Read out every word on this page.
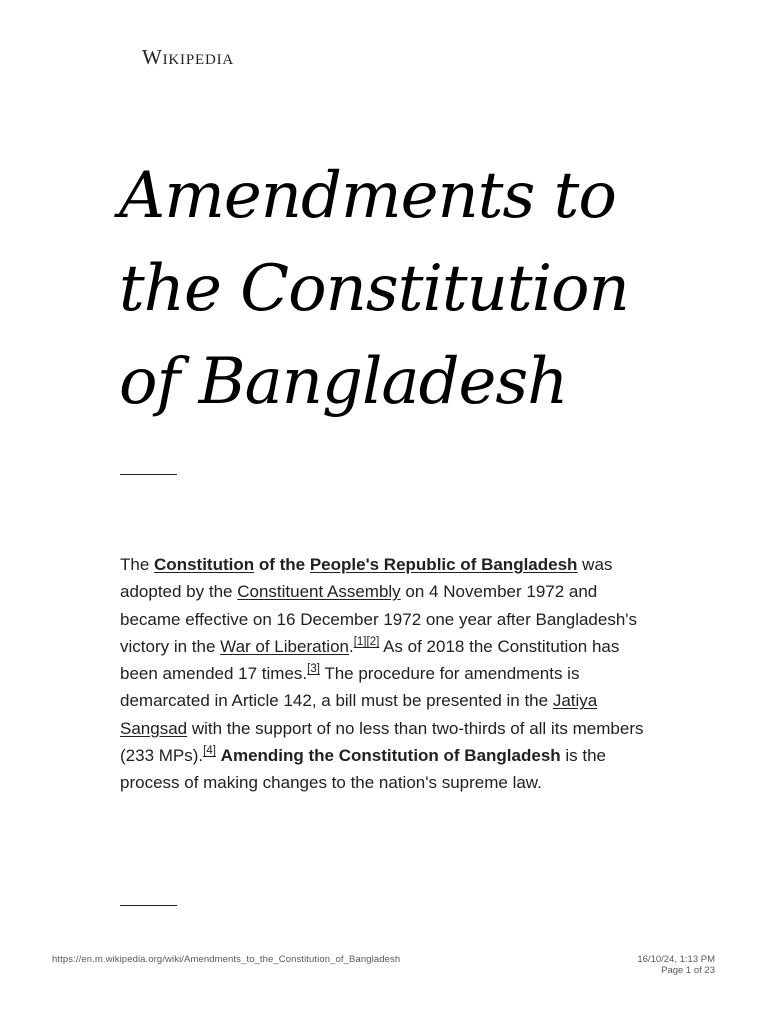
Wikipedia
Amendments to the Constitution of Bangladesh

The Constitution of the People's Republic of Bangladesh was adopted by the Constituent Assembly on 4 November 1972 and became effective on 16 December 1972 one year after Bangladesh's victory in the War of Liberation.[1][2] As of 2018 the Constitution has been amended 17 times.[3] The procedure for amendments is demarcated in Article 142, a bill must be presented in the Jatiya Sangsad with the support of no less than two-thirds of all its members (233 MPs).[4] Amending the Constitution of Bangladesh is the process of making changes to the nation's supreme law.

https://en.m.wikipedia.org/wiki/Amendments_to_the_Constitution_of_Bangladesh	16/10/24, 1:13 PM
Page 1 of 23
